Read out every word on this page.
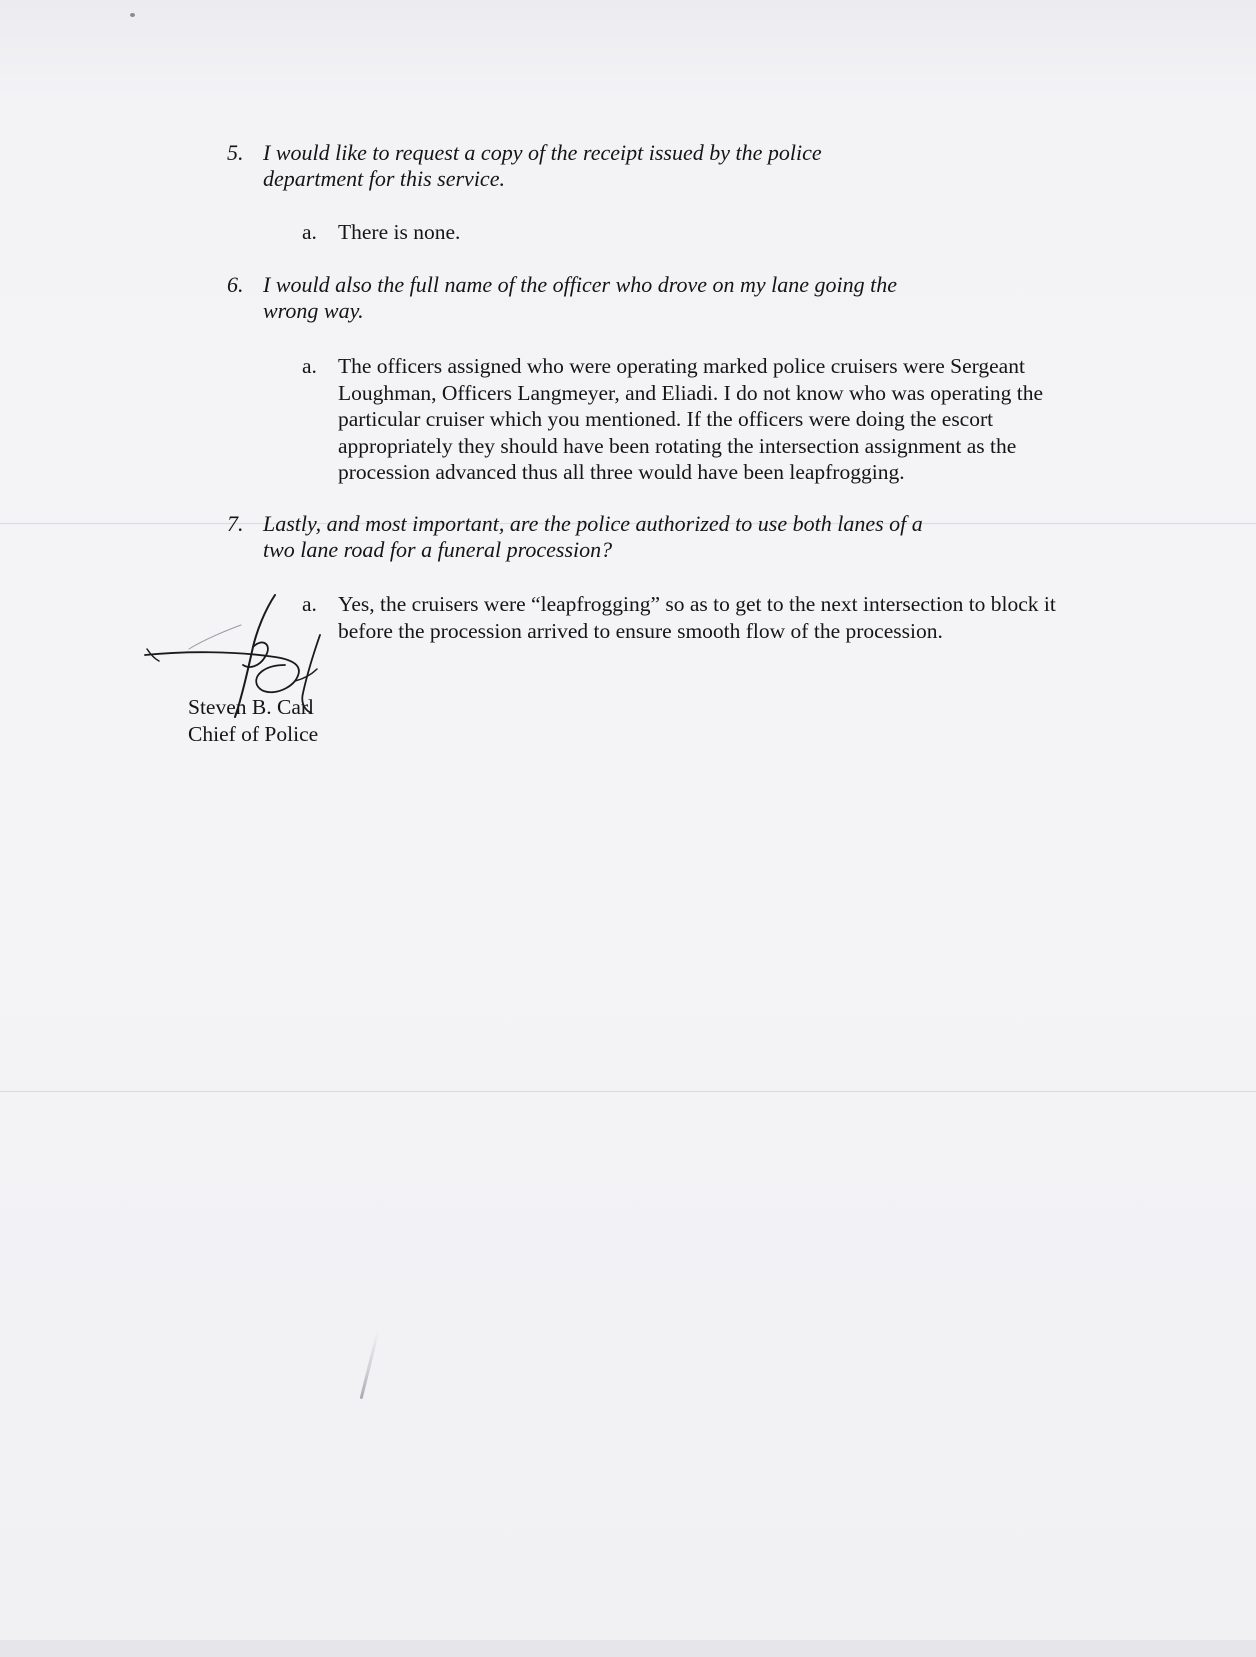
5. I would like to request a copy of the receipt issued by the police department for this service.
a. There is none.
6. I would also the full name of the officer who drove on my lane going the wrong way.
a. The officers assigned who were operating marked police cruisers were Sergeant Loughman, Officers Langmeyer, and Eliadi. I do not know who was operating the particular cruiser which you mentioned. If the officers were doing the escort appropriately they should have been rotating the intersection assignment as the procession advanced thus all three would have been leapfrogging.
7. Lastly, and most important, are the police authorized to use both lanes of a two lane road for a funeral procession?
a. Yes, the cruisers were “leapfrogging” so as to get to the next intersection to block it before the procession arrived to ensure smooth flow of the procession.
Steven B. Carl
Chief of Police
